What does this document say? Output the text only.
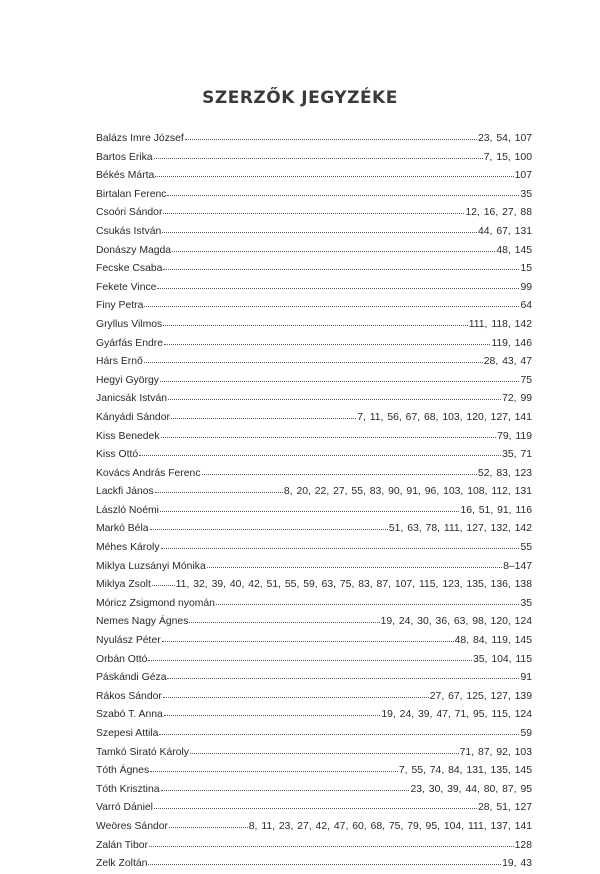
SZERZŐK JEGYZÉKE
Balázs Imre József	23, 54, 107
Bartos Erika	7, 15, 100
Békés Márta	107
Birtalan Ferenc	35
Csoóri Sándor	12, 16, 27, 88
Csukás István	44, 67, 131
Donászy Magda	48, 145
Fecske Csaba	15
Fekete Vince	99
Finy Petra	64
Gryllus Vilmos	111, 118, 142
Gyárfás Endre	119, 146
Hárs Ernő	28, 43, 47
Hegyi György	75
Janicsák István	72, 99
Kányádi Sándor	7, 11, 56, 67, 68, 103, 120, 127, 141
Kiss Benedek	79, 119
Kiss Ottó	35, 71
Kovács András Ferenc	52, 83, 123
Lackfi János	8, 20, 22, 27, 55, 83, 90, 91, 96, 103, 108, 112, 131
László Noémi	16, 51, 91, 116
Markó Béla	51, 63, 78, 111, 127, 132, 142
Méhes Károly	55
Miklya Luzsányi Mónika	8–147
Miklya Zsolt 11, 32, 39, 40, 42, 51, 55, 59, 63, 75, 83, 87, 107, 115, 123, 135, 136, 138
Móricz Zsigmond nyomán	35
Nemes Nagy Ágnes	19, 24, 30, 36, 63, 98, 120, 124
Nyulász Péter	48, 84, 119, 145
Orbán Ottó	35, 104, 115
Páskándi Géza	91
Rákos Sándor	27, 67, 125, 127, 139
Szabó T. Anna	19, 24, 39, 47, 71, 95, 115, 124
Szepesi Attila	59
Tamkó Sirató Károly	71, 87, 92, 103
Tóth Ágnes	7, 55, 74, 84, 131, 135, 145
Tóth Krisztina	23, 30, 39, 44, 80, 87, 95
Varró Dániel	28, 51, 127
Weöres Sándor	8, 11, 23, 27, 42, 47, 60, 68, 75, 79, 95, 104, 111, 137, 141
Zalán Tibor	128
Zelk Zoltán	19, 43
